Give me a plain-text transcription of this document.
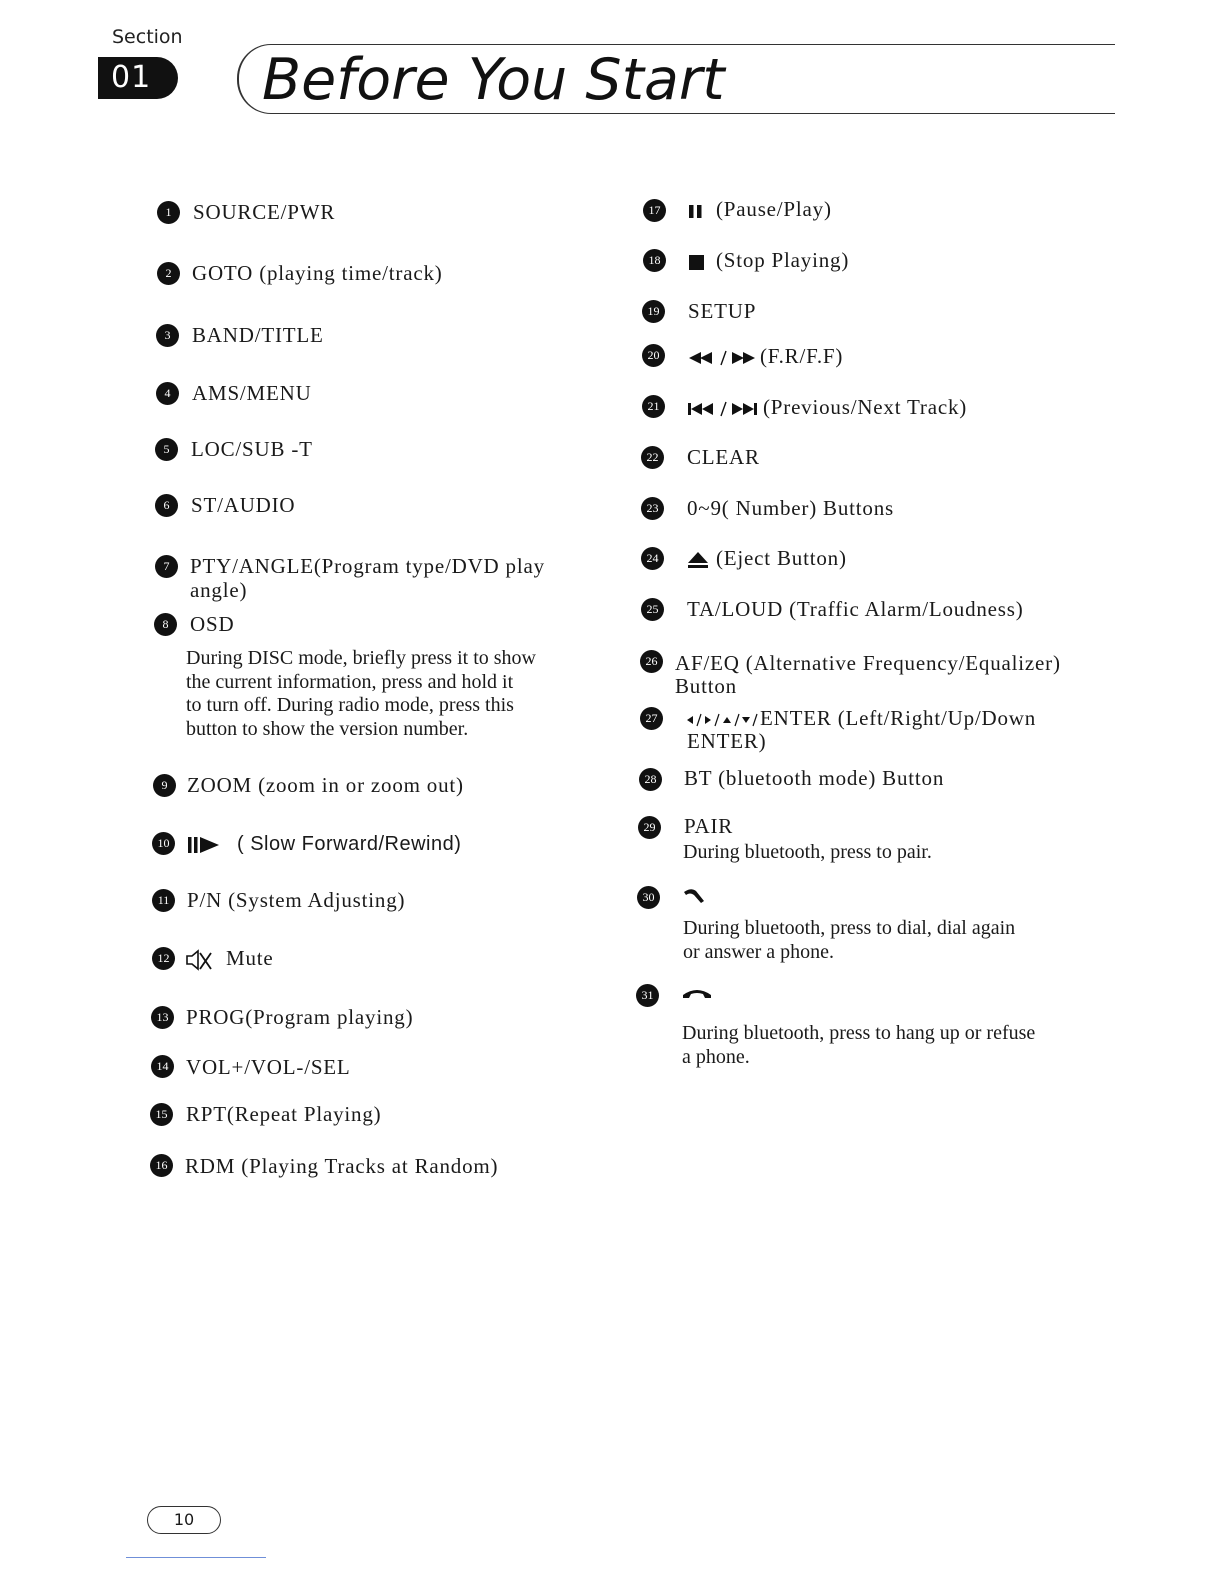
Section
01	Before You Start
1	SOURCE/PWR
2 GOTO (playing time/track)
3	BAND/TITLE
4	AMS/MENU
5	LOC/SUB -T
6	ST/AUDIO
7 PTY/ANGLE(Program type/DVD play
angle)
8	OSD
During DISC mode, briefly press it to show
the current information, press and hold it
to turn off. During radio mode, press this
button to show the version number.
9 ZOOM (zoom in or zoom out)
10	( Slow Forward/Rewind)
11 P/N (System Adjusting)
12	Mute
13 PROG(Program playing)
14 VOL+/VOL-/SEL
15 RPT(Repeat Playing)
16 RDM (Playing Tracks at Random)
17	(Pause/Play)
18	(Stop Playing)
19 SETUP
20	(F.R/F.F)
21	(Previous/Next Track)
22 CLEAR
23 0~9( Number) Buttons
24	(Eject Button)
25 TA/LOUD (Traffic Alarm/Loudness)
26 AF/EQ (Alternative Frequency/Equalizer)
Button
27	ENTER (Left/Right/Up/Down
ENTER)
28 BT (bluetooth mode) Button
29 PAIR
During bluetooth, press to pair.
30
During bluetooth, press to dial, dial again
or answer a phone.
31
During bluetooth, press to hang up or refuse
a phone.
10
